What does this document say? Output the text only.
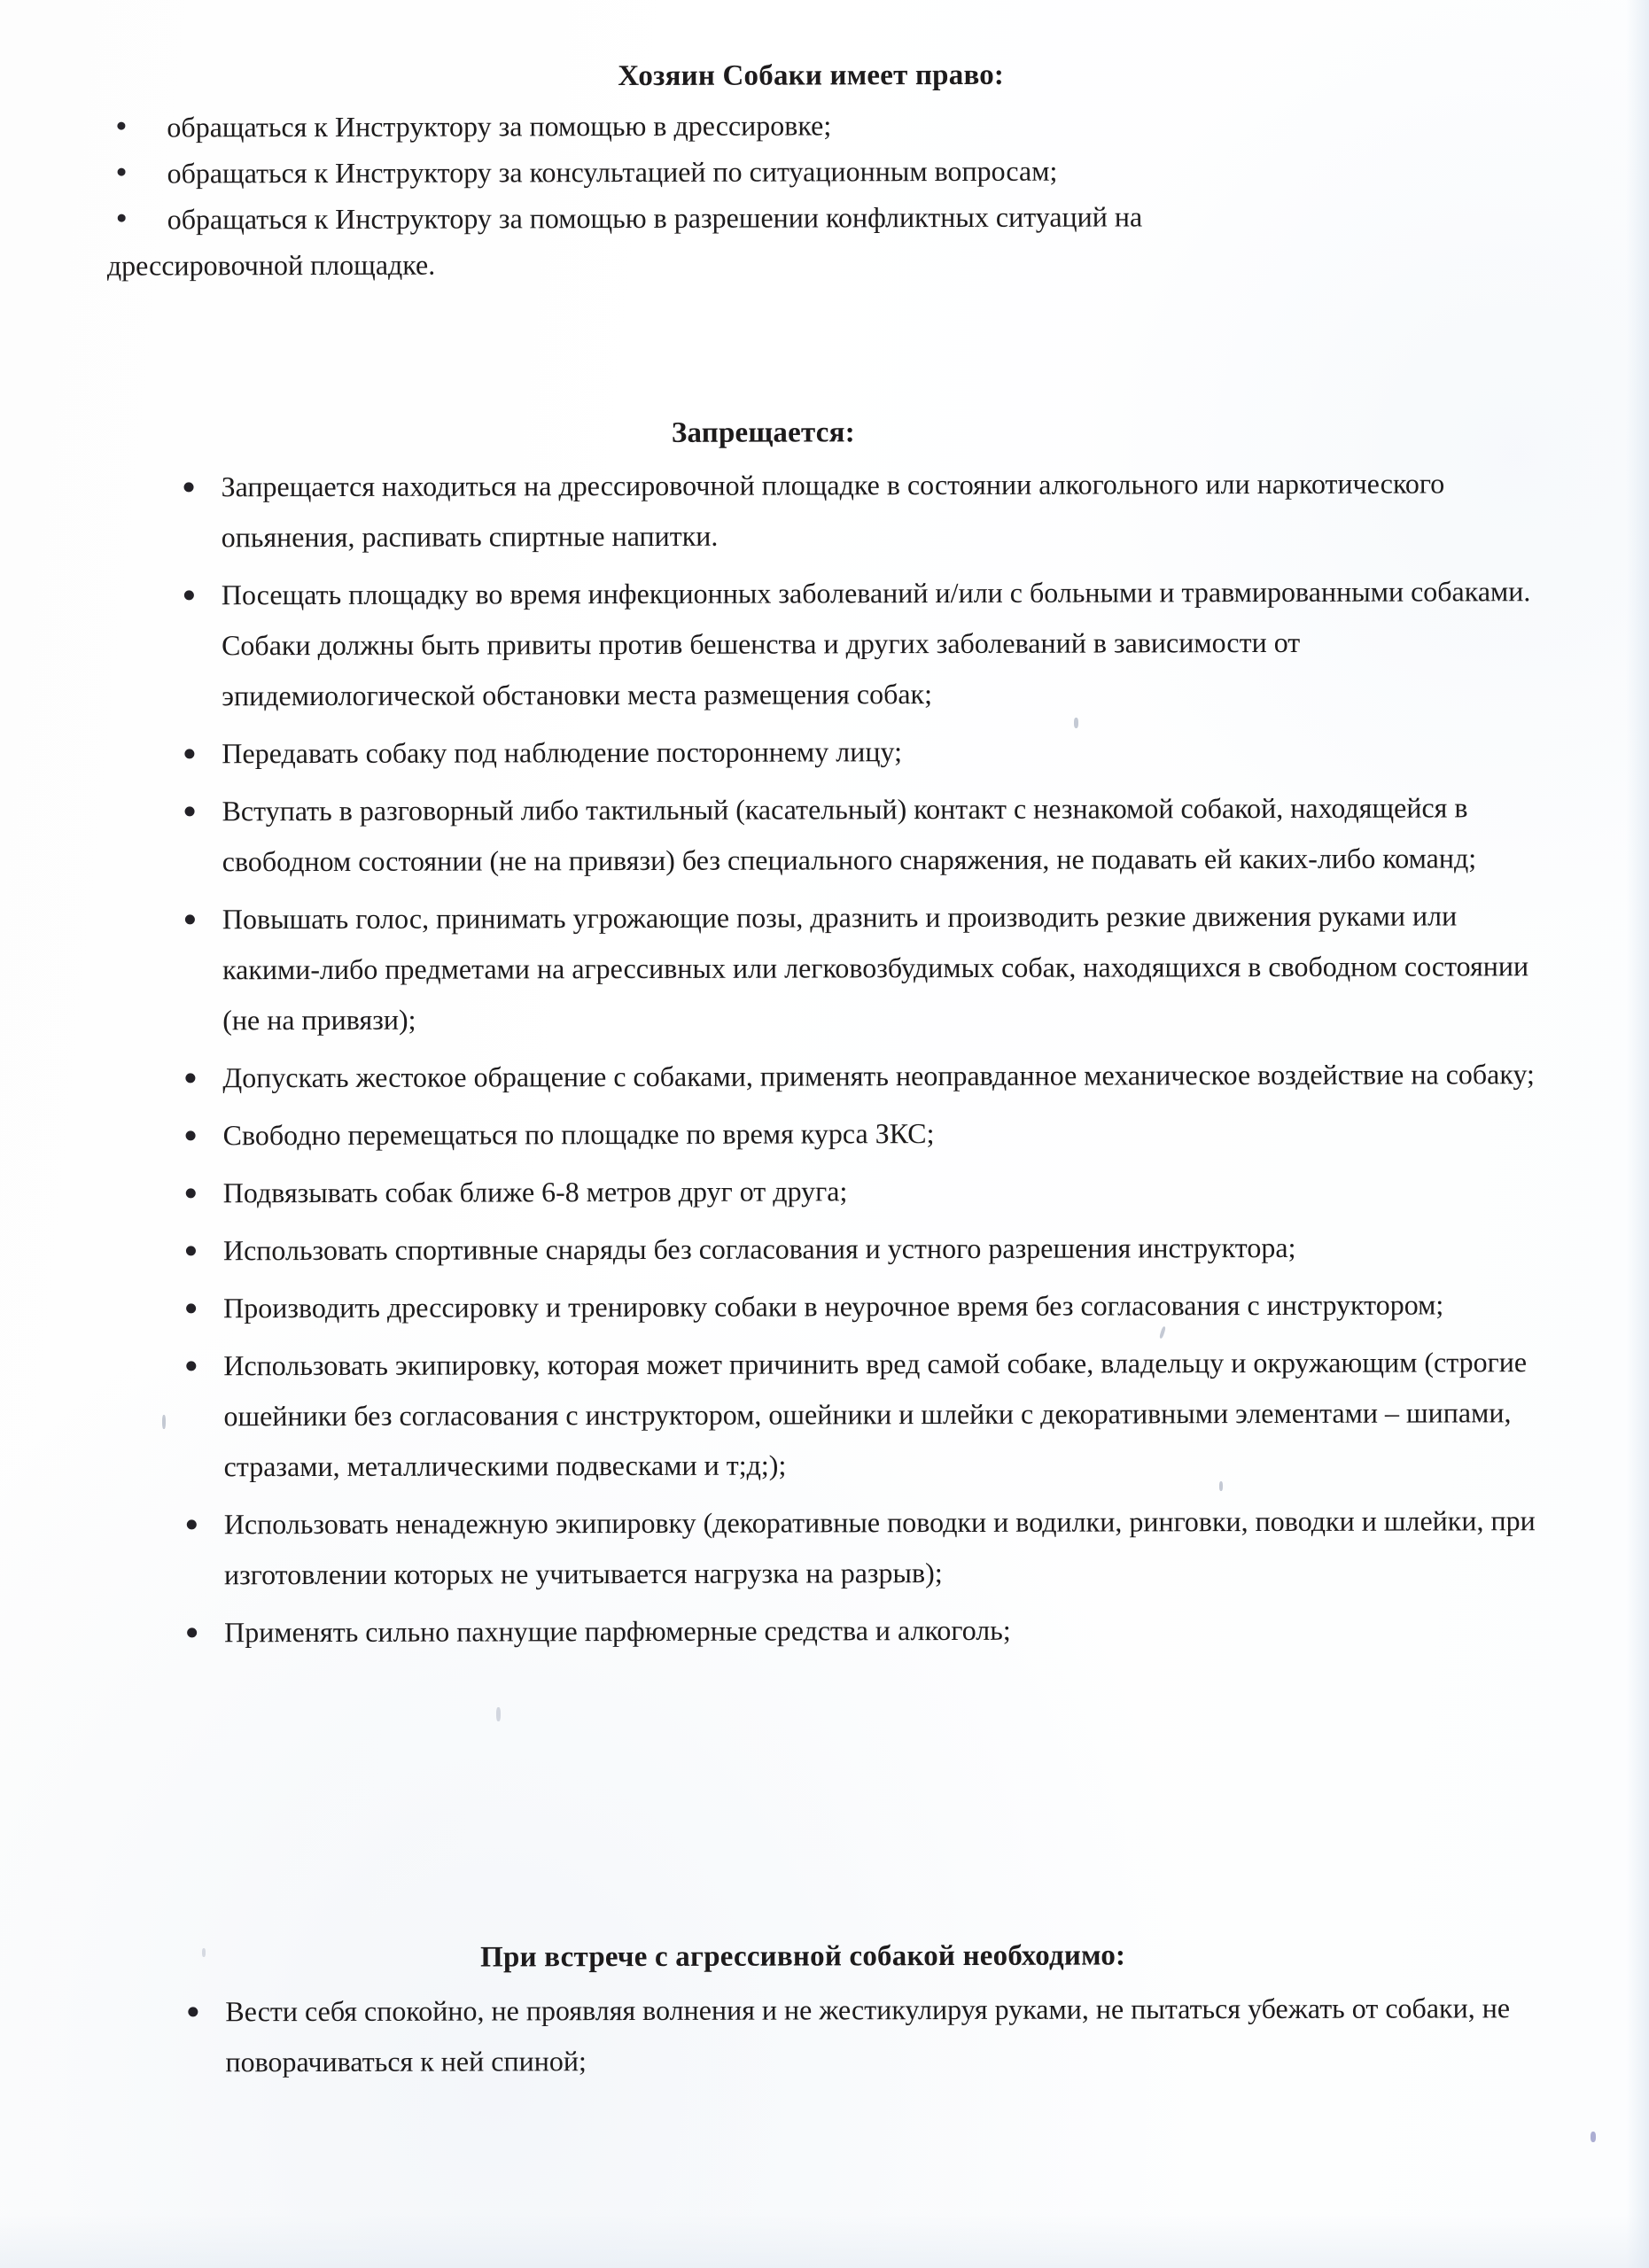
Хозяин Собаки имеет право:
обращаться к Инструктору за помощью в дрессировке;
обращаться к Инструктору за консультацией по ситуационным вопросам;
обращаться к Инструктору за помощью в разрешении конфликтных ситуаций на

дрессировочной площадке.

Запрещается:
Запрещается находиться на дрессировочной площадке в состоянии алкогольного или наркотического опьянения, распивать спиртные напитки.
Посещать площадку во время инфекционных заболеваний и/или с больными и травмированными собаками. Собаки должны быть привиты против бешенства и других заболеваний в зависимости от эпидемиологической обстановки места размещения собак;
Передавать собаку под наблюдение постороннему лицу;
Вступать в разговорный либо тактильный (касательный) контакт с незнакомой собакой, находящейся в свободном состоянии (не на привязи) без специального снаряжения, не подавать ей каких-либо команд;
Повышать голос, принимать угрожающие позы, дразнить и производить резкие движения руками или какими-либо предметами на агрессивных или легковозбудимых собак, находящихся в свободном состоянии (не на привязи);
Допускать жестокое обращение с собаками, применять неоправданное механическое воздействие на собаку;
Свободно перемещаться по площадке по время курса ЗКС;
Подвязывать собак ближе 6-8 метров друг от друга;
Использовать спортивные снаряды без согласования и устного разрешения инструктора;
Производить дрессировку и тренировку собаки в неурочное время без согласования с инструктором;
Использовать экипировку, которая может причинить вред самой собаке, владельцу и окружающим (строгие ошейники без согласования с инструктором, ошейники и шлейки с декоративными элементами – шипами, стразами, металлическими подвесками и т;д;);
Использовать ненадежную экипировку (декоративные поводки и водилки, ринговки, поводки и шлейки, при изготовлении которых не учитывается нагрузка на разрыв);
Применять сильно пахнущие парфюмерные средства и алкоголь;
При встрече с агрессивной собакой необходимо:
Вести себя спокойно, не проявляя волнения и не жестикулируя руками, не пытаться убежать от собаки, не поворачиваться к ней спиной;
